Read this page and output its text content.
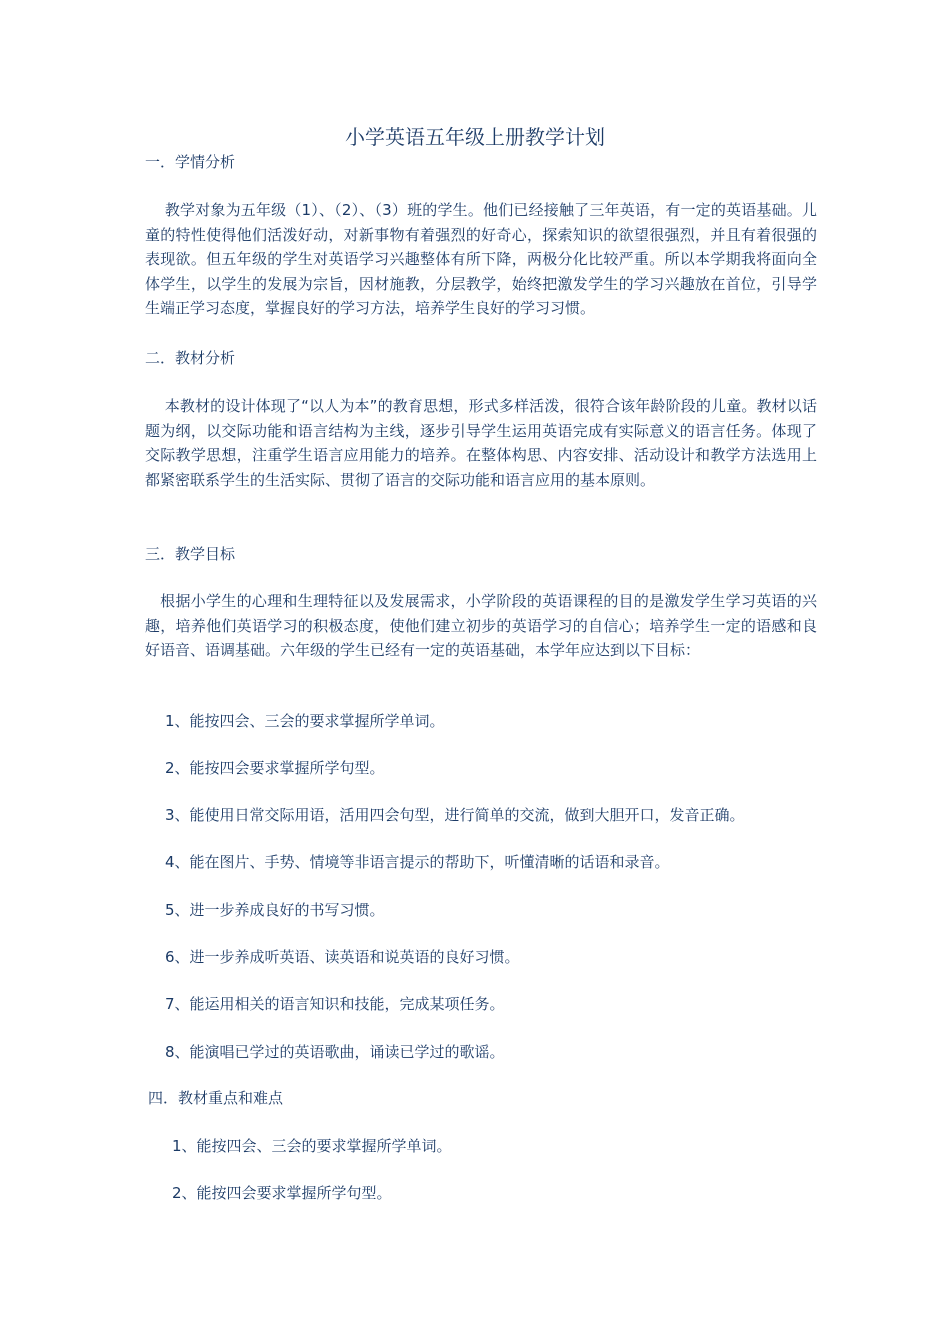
小学英语五年级上册教学计划
一．学情分析
教学对象为五年级（1）、（2）、（3）班的学生。他们已经接触了三年英语，有一定的英语基础。儿童的特性使得他们活泼好动，对新事物有着强烈的好奇心，探索知识的欲望很强烈，并且有着很强的表现欲。但五年级的学生对英语学习兴趣整体有所下降，两极分化比较严重。所以本学期我将面向全体学生，以学生的发展为宗旨，因材施教，分层教学，始终把激发学生的学习兴趣放在首位，引导学生端正学习态度，掌握良好的学习方法，培养学生良好的学习习惯。
二．教材分析
本教材的设计体现了“以人为本”的教育思想，形式多样活泼，很符合该年龄阶段的儿童。教材以话题为纲，以交际功能和语言结构为主线，逐步引导学生运用英语完成有实际意义的语言任务。体现了交际教学思想，注重学生语言应用能力的培养。在整体构思、内容安排、活动设计和教学方法选用上都紧密联系学生的生活实际、贯彻了语言的交际功能和语言应用的基本原则。
三．教学目标
根据小学生的心理和生理特征以及发展需求，小学阶段的英语课程的目的是激发学生学习英语的兴趣，培养他们英语学习的积极态度，使他们建立初步的英语学习的自信心；培养学生一定的语感和良好语音、语调基础。六年级的学生已经有一定的英语基础，本学年应达到以下目标：
1、能按四会、三会的要求掌握所学单词。
2、能按四会要求掌握所学句型。
3、能使用日常交际用语，活用四会句型，进行简单的交流，做到大胆开口，发音正确。
4、能在图片、手势、情境等非语言提示的帮助下，听懂清晰的话语和录音。
5、进一步养成良好的书写习惯。
6、进一步养成听英语、读英语和说英语的良好习惯。
7、能运用相关的语言知识和技能，完成某项任务。
8、能演唱已学过的英语歌曲，诵读已学过的歌谣。
四．教材重点和难点
1、能按四会、三会的要求掌握所学单词。
2、能按四会要求掌握所学句型。
